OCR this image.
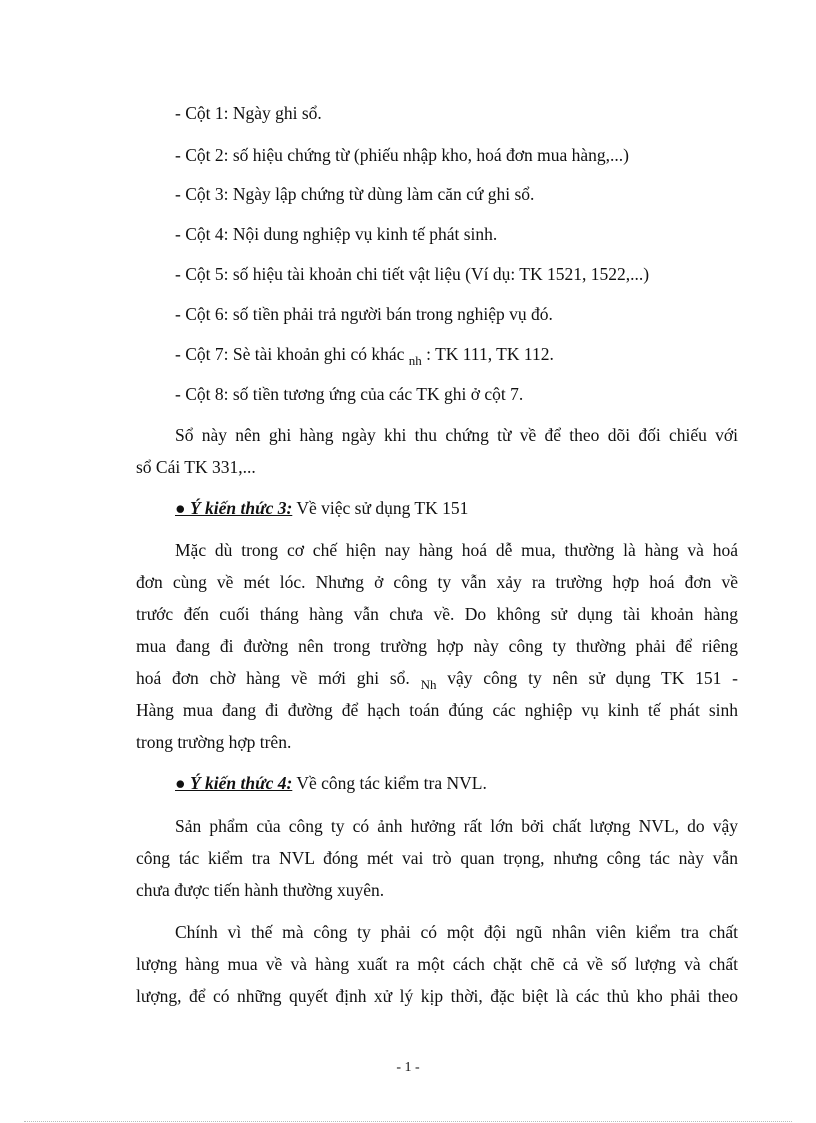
- Cột 1: Ngày ghi sổ.
- Cột 2: số hiệu chứng từ (phiếu nhập kho, hoá đơn mua hàng,...)
- Cột 3: Ngày lập chứng từ dùng làm căn cứ ghi sổ.
- Cột 4: Nội dung nghiệp vụ kinh tế phát sinh.
- Cột 5: số hiệu tài khoản chi tiết vật liệu (Ví dụ: TK 1521, 1522,...)
- Cột 6: số tiền phải trả người bán trong nghiệp vụ đó.
- Cột 7: Sè tài khoản ghi có khác $_{nh}$ : TK 111, TK 112.
- Cột 8: số tiền tương ứng của các TK ghi ở cột 7.
Sổ này nên ghi hàng ngày khi thu chứng từ về để theo dõi đối chiếu với
sổ Cái TK 331,...
● Ý kiến thức 3: Về việc sử dụng TK 151
Mặc dù trong cơ chế hiện nay hàng hoá dễ mua, thường là hàng và hoá
đơn cùng về mét lóc. Nhưng ở công ty vẫn xảy ra trường hợp hoá đơn về
trước đến cuối tháng hàng vẫn chưa về. Do không sử dụng tài khoản hàng
mua đang đi đường nên trong trường hợp này công ty thường phải để riêng
hoá đơn chờ hàng về mới ghi sổ. $_{Nh}$ vậy công ty nên sử dụng TK 151 -
Hàng mua đang đi đường để hạch toán đúng các nghiệp vụ kinh tế phát sinh
trong trường hợp trên.
● Ý kiến thức 4: Về công tác kiểm tra NVL.
Sản phẩm của công ty có ảnh hưởng rất lớn bởi chất lượng NVL, do vậy
công tác kiểm tra NVL đóng mét vai trò quan trọng, nhưng công tác này vẫn
chưa được tiến hành thường xuyên.
Chính vì thế mà công ty phải có một đội ngũ nhân viên kiểm tra chất
lượng hàng mua về và hàng xuất ra một cách chặt chẽ cả về số lượng và chất
lượng, để có những quyết định xử lý kịp thời, đặc biệt là các thủ kho phải theo
- 1 -
